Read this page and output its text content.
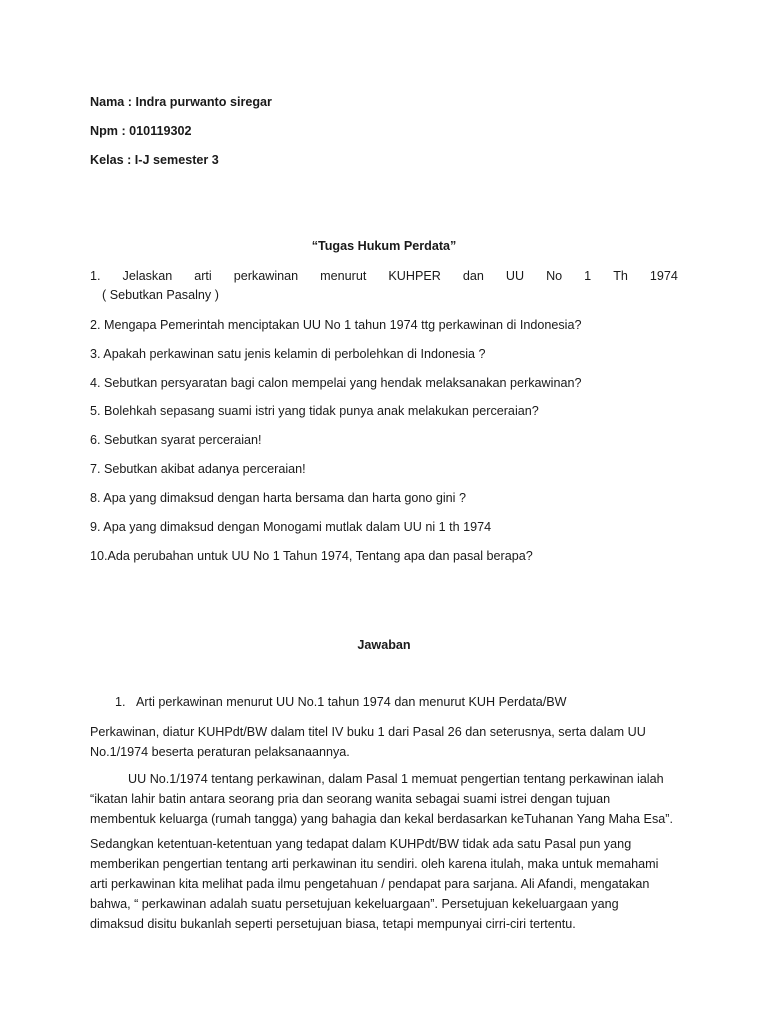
Nama : Indra purwanto siregar
Npm : 010119302
Kelas : I-J semester 3
“Tugas Hukum Perdata”
1. Jelaskan arti perkawinan menurut KUHPER dan UU No 1 Th 1974
( Sebutkan Pasalny )
2. Mengapa Pemerintah menciptakan UU No 1 tahun 1974 ttg perkawinan di Indonesia?
3. Apakah perkawinan satu jenis kelamin di perbolehkan di Indonesia ?
4. Sebutkan persyaratan bagi calon mempelai yang hendak melaksanakan perkawinan?
5. Bolehkah sepasang suami istri yang tidak punya anak melakukan perceraian?
6. Sebutkan syarat perceraian!
7. Sebutkan akibat adanya perceraian!
8. Apa yang dimaksud dengan harta bersama dan harta gono gini ?
9. Apa yang dimaksud dengan Monogami mutlak dalam UU ni 1 th 1974
10.Ada perubahan untuk UU No 1 Tahun 1974, Tentang apa dan pasal berapa?
Jawaban
1. Arti perkawinan menurut UU No.1 tahun 1974 dan menurut KUH Perdata/BW

Perkawinan, diatur KUHPdt/BW dalam titel IV buku 1 dari Pasal 26 dan seterusnya, serta dalam UU

No.1/1974 beserta peraturan pelaksanaannya.

UU No.1/1974 tentang perkawinan, dalam Pasal 1 memuat pengertian tentang perkawinan ialah

“ikatan lahir batin antara seorang pria dan seorang wanita sebagai suami istrei dengan tujuan

membentuk keluarga (rumah tangga) yang bahagia dan kekal berdasarkan keTuhanan Yang Maha Esa”.

Sedangkan ketentuan-ketentuan yang tedapat dalam KUHPdt/BW tidak ada satu Pasal pun yang

memberikan pengertian tentang arti perkawinan itu sendiri. oleh karena itulah, maka untuk memahami

arti perkawinan kita melihat pada ilmu pengetahuan / pendapat para sarjana. Ali Afandi, mengatakan

bahwa, “ perkawinan adalah suatu persetujuan kekeluargaan”. Persetujuan kekeluargaan yang

dimaksud disitu bukanlah seperti persetujuan biasa, tetapi mempunyai cirri-ciri tertentu.
